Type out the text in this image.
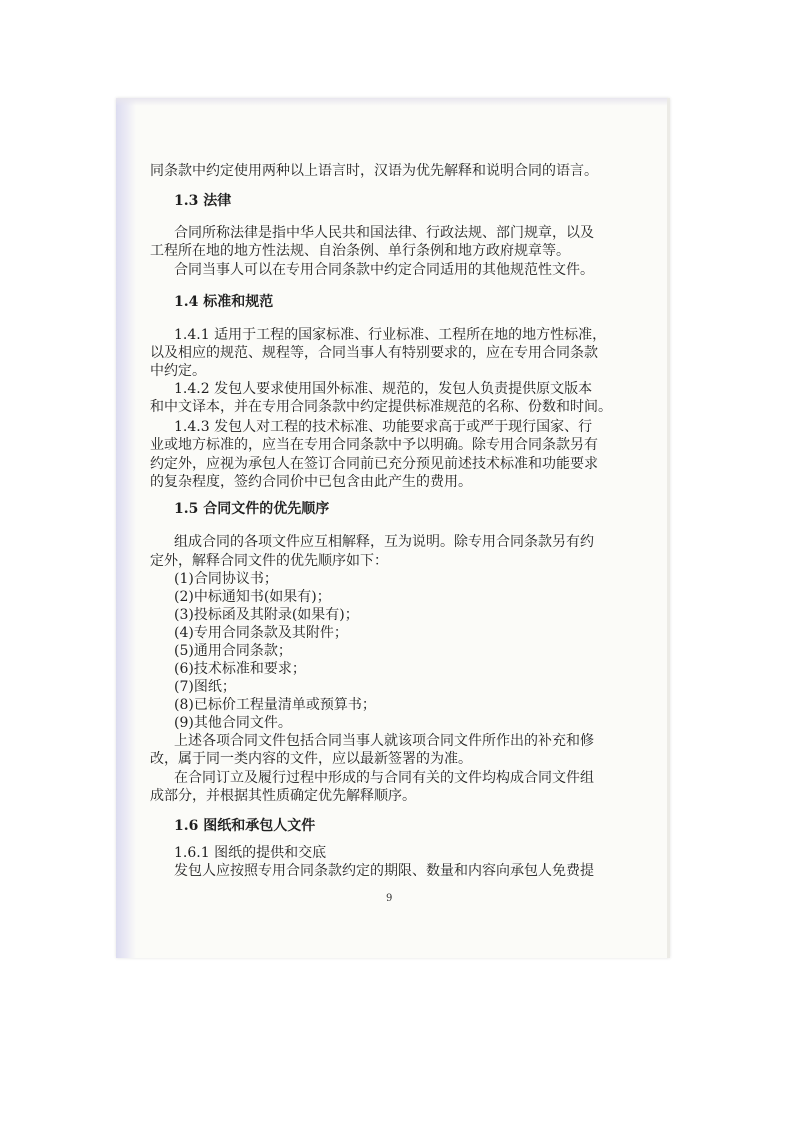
同条款中约定使用两种以上语言时，汉语为优先解释和说明合同的语言。

1.3 法律

合同所称法律是指中华人民共和国法律、行政法规、部门规章，以及

工程所在地的地方性法规、自治条例、单行条例和地方政府规章等。

合同当事人可以在专用合同条款中约定合同适用的其他规范性文件。

1.4 标准和规范

1.4.1 适用于工程的国家标准、行业标准、工程所在地的地方性标准，

以及相应的规范、规程等，合同当事人有特别要求的，应在专用合同条款

中约定。

1.4.2 发包人要求使用国外标准、规范的，发包人负责提供原文版本

和中文译本，并在专用合同条款中约定提供标准规范的名称、份数和时间。

1.4.3 发包人对工程的技术标准、功能要求高于或严于现行国家、行

业或地方标准的，应当在专用合同条款中予以明确。除专用合同条款另有

约定外，应视为承包人在签订合同前已充分预见前述技术标准和功能要求

的复杂程度，签约合同价中已包含由此产生的费用。

1.5 合同文件的优先顺序

组成合同的各项文件应互相解释，互为说明。除专用合同条款另有约

定外，解释合同文件的优先顺序如下：

(1)合同协议书；

(2)中标通知书(如果有)；

(3)投标函及其附录(如果有)；

(4)专用合同条款及其附件；

(5)通用合同条款；

(6)技术标准和要求；

(7)图纸；

(8)已标价工程量清单或预算书；

(9)其他合同文件。

上述各项合同文件包括合同当事人就该项合同文件所作出的补充和修

改，属于同一类内容的文件，应以最新签署的为准。

在合同订立及履行过程中形成的与合同有关的文件均构成合同文件组

成部分，并根据其性质确定优先解释顺序。

1.6 图纸和承包人文件

1.6.1 图纸的提供和交底

发包人应按照专用合同条款约定的期限、数量和内容向承包人免费提

9
